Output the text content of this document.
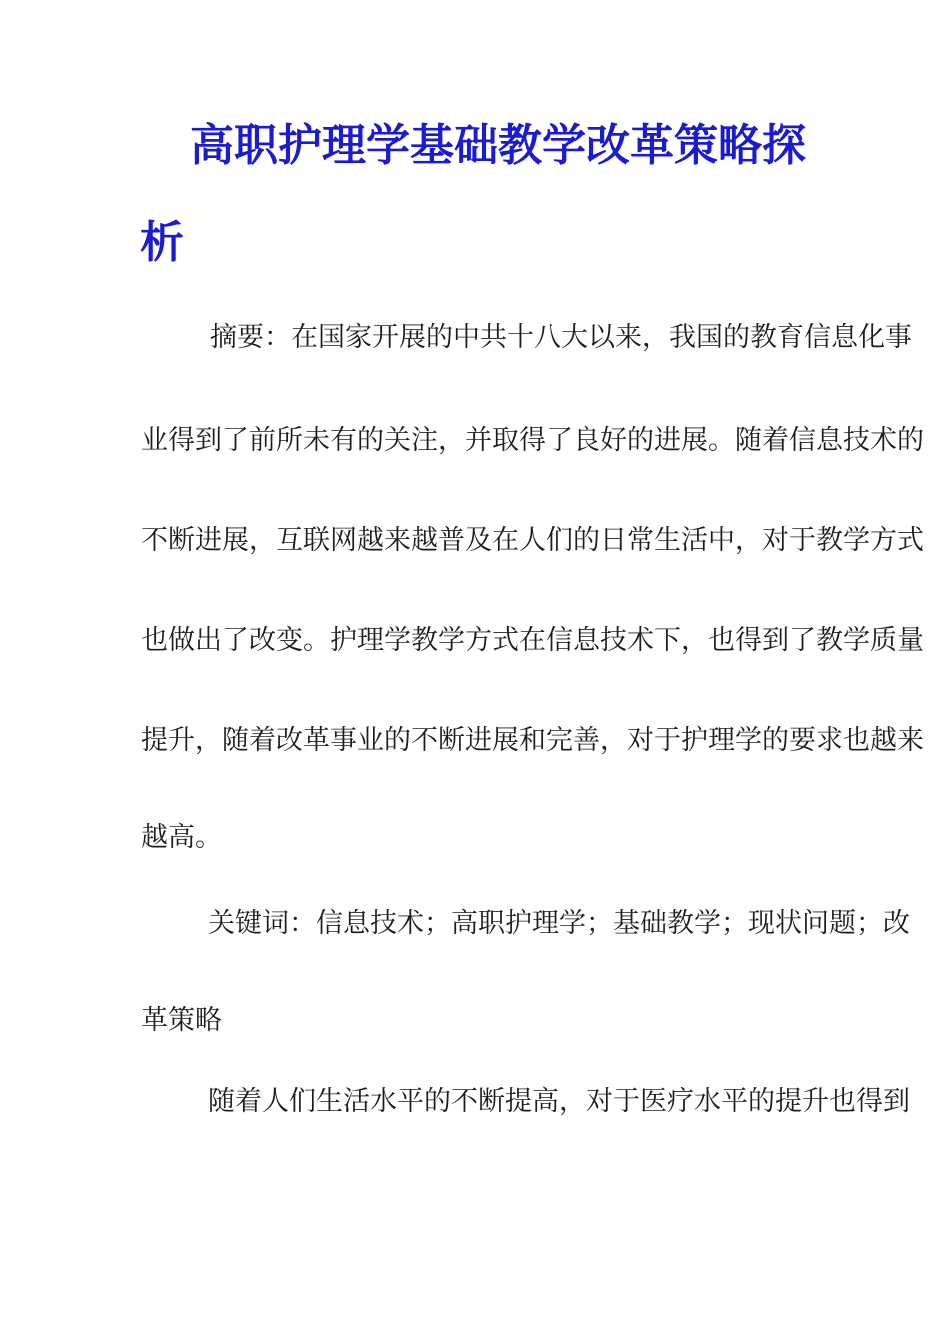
高职护理学基础教学改革策略探
析
摘要：在国家开展的中共十八大以来，我国的教育信息化事
业得到了前所未有的关注，并取得了良好的进展。随着信息技术的
不断进展，互联网越来越普及在人们的日常生活中，对于教学方式
也做出了改变。护理学教学方式在信息技术下，也得到了教学质量
提升，随着改革事业的不断进展和完善，对于护理学的要求也越来
越高。
关键词：信息技术；高职护理学；基础教学；现状问题；改
革策略
随着人们生活水平的不断提高，对于医疗水平的提升也得到
